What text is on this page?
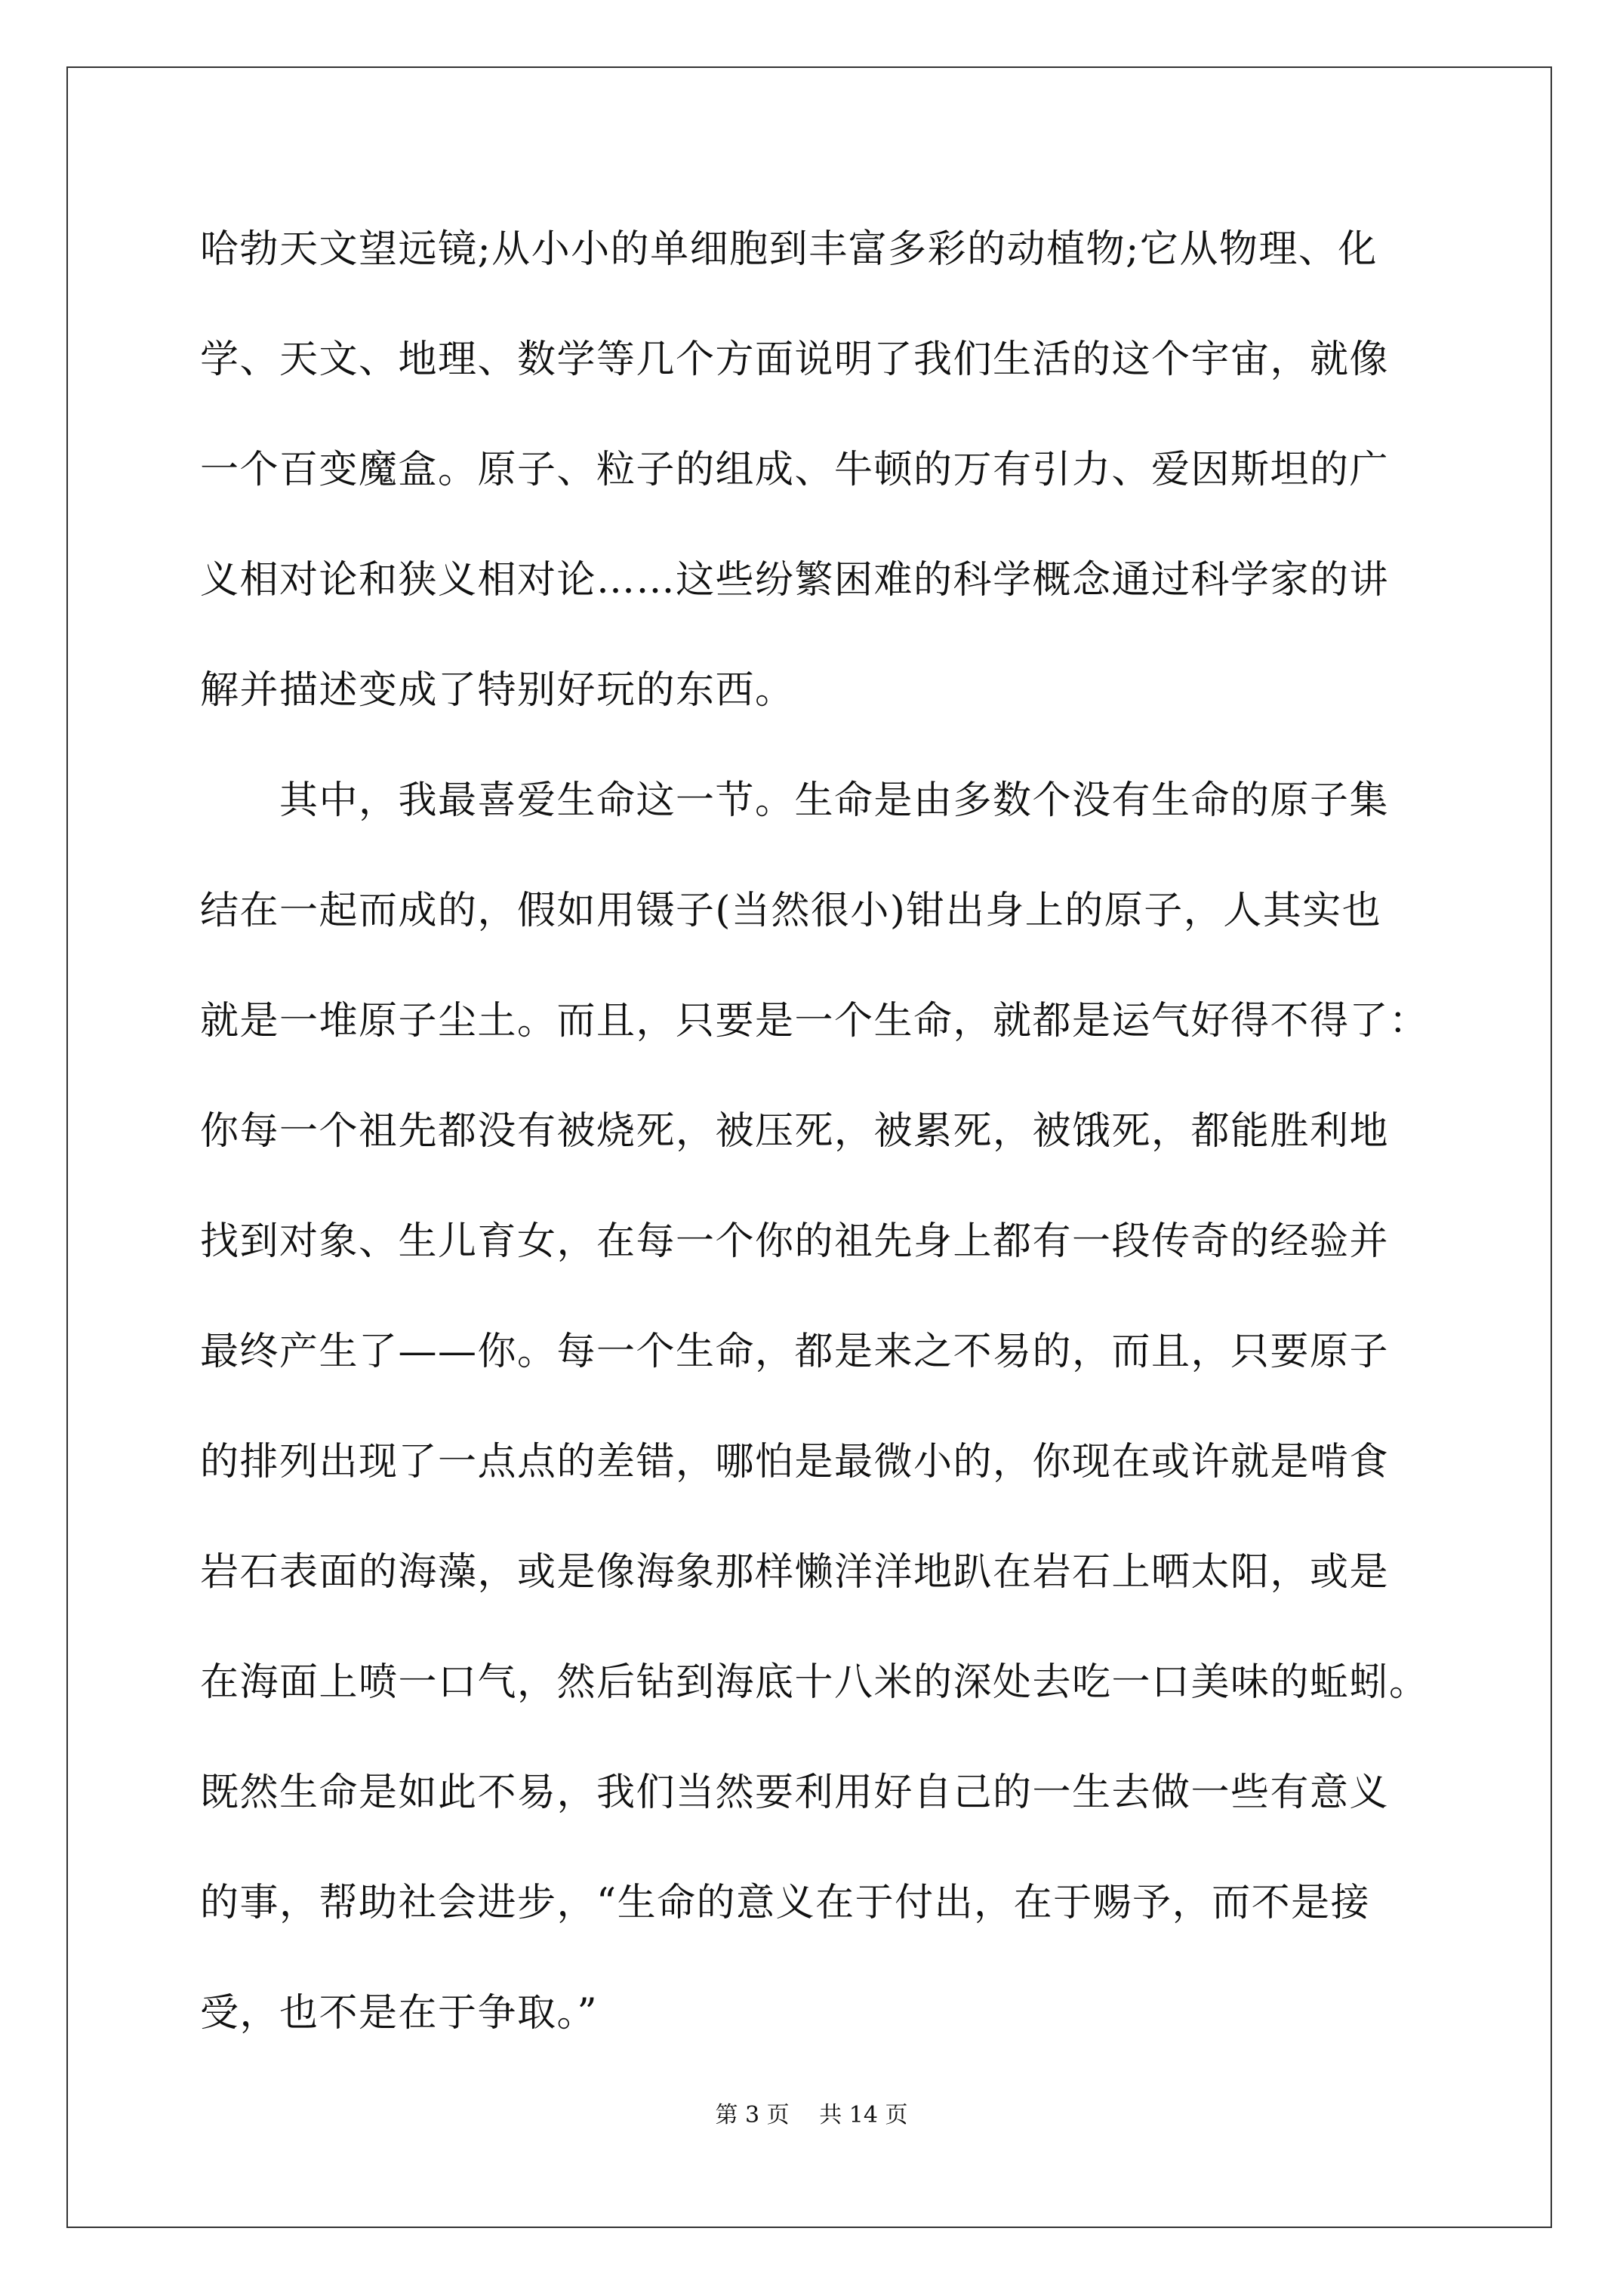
哈勃天文望远镜;从小小的单细胞到丰富多彩的动植物;它从物理、化
学、天文、地理、数学等几个方面说明了我们生活的这个宇宙，就像
一个百变魔盒。原子、粒子的组成、牛顿的万有引力、爱因斯坦的广
义相对论和狭义相对论……这些纷繁困难的科学概念通过科学家的讲
解并描述变成了特别好玩的东西。
　　其中，我最喜爱生命这一节。生命是由多数个没有生命的原子集
结在一起而成的，假如用镊子(当然很小)钳出身上的原子，人其实也
就是一堆原子尘土。而且，只要是一个生命，就都是运气好得不得了：
你每一个祖先都没有被烧死，被压死，被累死，被饿死，都能胜利地
找到对象、生儿育女，在每一个你的祖先身上都有一段传奇的经验并
最终产生了——你。每一个生命，都是来之不易的，而且，只要原子
的排列出现了一点点的差错，哪怕是最微小的，你现在或许就是啃食
岩石表面的海藻，或是像海象那样懒洋洋地趴在岩石上晒太阳，或是
在海面上喷一口气，然后钻到海底十八米的深处去吃一口美味的蚯蚓。
既然生命是如此不易，我们当然要利用好自己的一生去做一些有意义
的事，帮助社会进步，“生命的意义在于付出，在于赐予，而不是接
受，也不是在于争取。”
第 3 页　 共 14 页
